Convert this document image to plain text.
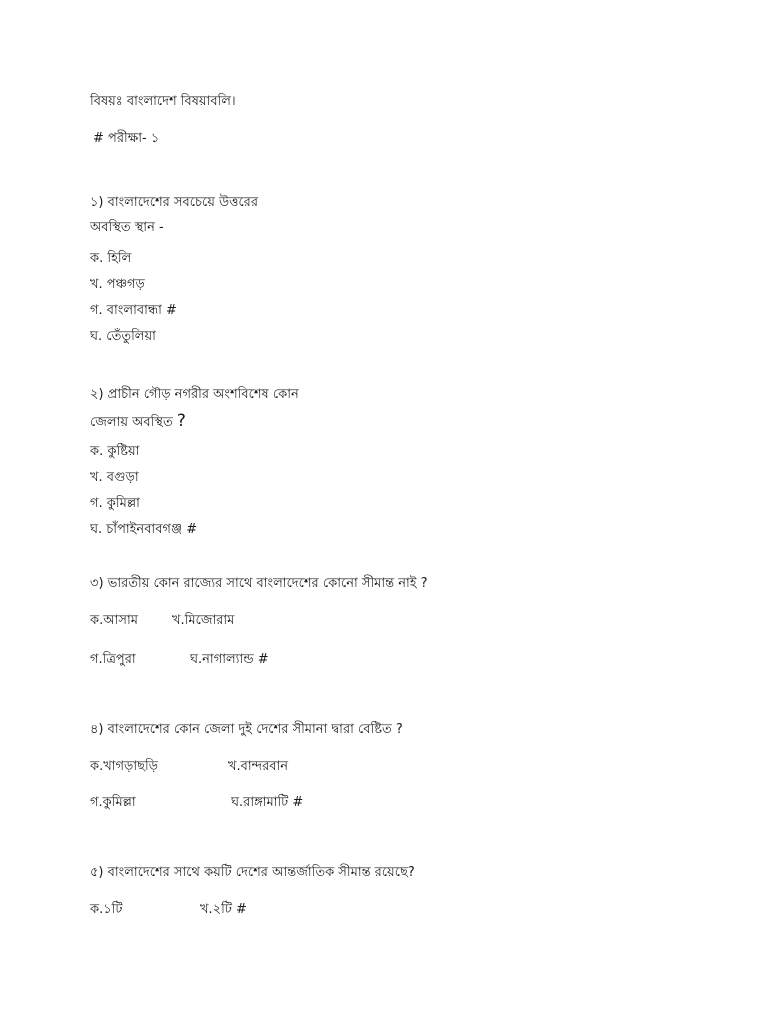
বিষয়ঃ বাংলাদেশ বিষয়াবলি।
# পরীক্ষা- ১
১) বাংলাদেশের সবচেয়ে উত্তরের
অবস্থিত স্থান -
ক. হিলি
খ. পঞ্চগড়
গ. বাংলাবান্ধা #
ঘ. তেঁতুলিয়া
২) প্রাচীন গৌড় নগরীর অংশবিশেষ কোন
জেলায় অবস্থিত ?
ক. কুষ্টিয়া
খ. বগুড়া
গ. কুমিল্লা
ঘ. চাঁপাইনবাবগঞ্জ #
৩) ভারতীয় কোন রাজ্যের সাথে বাংলাদেশের কোনো সীমান্ত নাই ?
ক.আসাম	খ.মিজোরাম
গ.ত্রিপুরা	ঘ.নাগাল্যান্ড #
৪) বাংলাদেশের কোন জেলা দুই দেশের সীমানা দ্বারা বেষ্টিত ?
ক.খাগড়াছড়ি	খ.বান্দরবান
গ.কুমিল্লা	ঘ.রাঙ্গামাটি #
৫) বাংলাদেশের সাথে কয়টি দেশের আন্তর্জাতিক সীমান্ত রয়েছে?
ক.১টি	খ.২টি #
